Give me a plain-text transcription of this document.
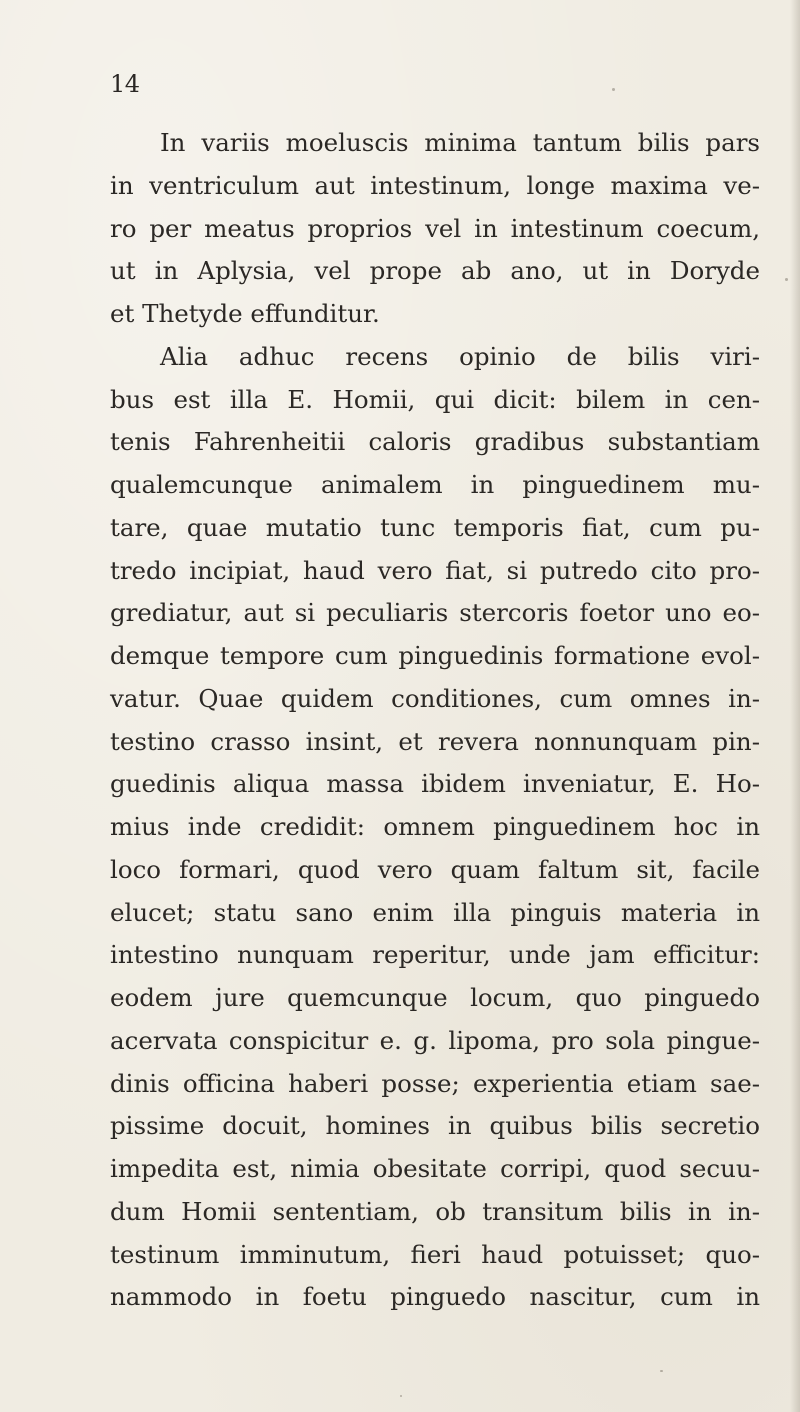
14
In variis moeluscis minima tantum bilis pars
in ventriculum aut intestinum, longe maxima ve-
ro per meatus proprios vel in intestinum coecum,
ut in Aplysia, vel prope ab ano, ut in Doryde
et Thetyde effunditur.
Alia adhuc recens opinio de bilis viri-
bus est illa E. Homii, qui dicit: bilem in cen-
tenis Fahrenheitii caloris gradibus substantiam
qualemcunque animalem in pinguedinem mu-
tare, quae mutatio tunc temporis fiat, cum pu-
tredo incipiat, haud vero fiat, si putredo cito pro-
grediatur, aut si peculiaris stercoris foetor uno eo-
demque tempore cum pinguedinis formatione evol-
vatur. Quae quidem conditiones, cum omnes in-
testino crasso insint, et revera nonnunquam pin-
guedinis aliqua massa ibidem inveniatur, E. Ho-
mius inde credidit: omnem pinguedinem hoc in
loco formari, quod vero quam faltum sit, facile
elucet; statu sano enim illa pinguis materia in
intestino nunquam reperitur, unde jam efficitur:
eodem jure quemcunque locum, quo pinguedo
acervata conspicitur e. g. lipoma, pro sola pingue-
dinis officina haberi posse; experientia etiam sae-
pissime docuit, homines in quibus bilis secretio
impedita est, nimia obesitate corripi, quod secuu-
dum Homii sententiam, ob transitum bilis in in-
testinum imminutum, fieri haud potuisset; quo-
nammodo in foetu pinguedo nascitur, cum in
